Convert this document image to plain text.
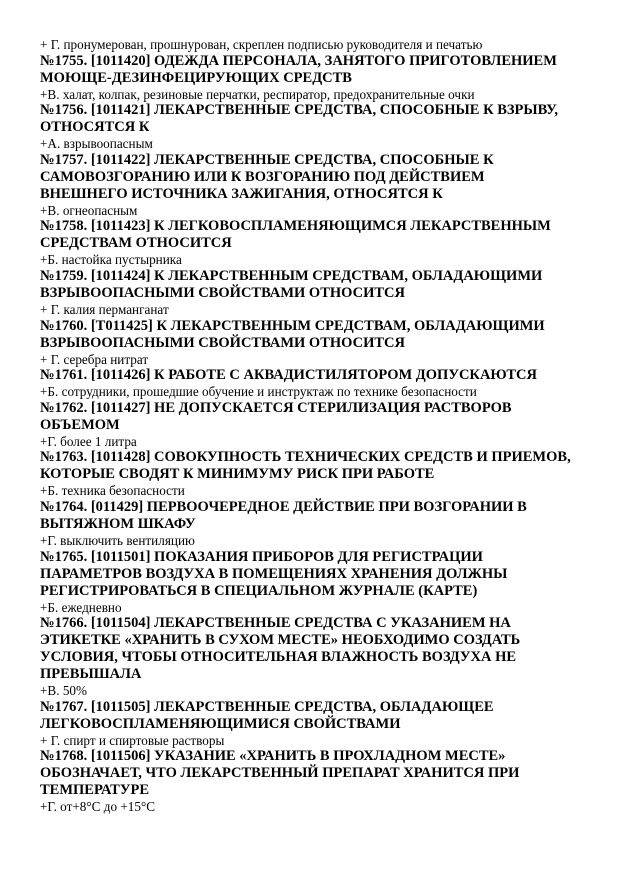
+ Г. пронумерован, прошнурован, скреплен подписью руководителя и печатью
№1755. [1011420] ОДЕЖДА ПЕРСОНАЛА, ЗАНЯТОГО ПРИГОТОВЛЕНИЕМ
МОЮЩЕ-ДЕЗИНФЕЦИРУЮЩИХ СРЕДСТВ
+В. халат, колпак, резиновые перчатки, респиратор, предохранительные очки
№1756. [1011421] ЛЕКАРСТВЕННЫЕ СРЕДСТВА, СПОСОБНЫЕ К ВЗРЫВУ,
ОТНОСЯТСЯ К
+А. взрывоопасным
№1757. [1011422] ЛЕКАРСТВЕННЫЕ СРЕДСТВА, СПОСОБНЫЕ К
САМОВОЗГОРАНИЮ ИЛИ К ВОЗГОРАНИЮ ПОД ДЕЙСТВИЕМ
ВНЕШНЕГО ИСТОЧНИКА ЗАЖИГАНИЯ, ОТНОСЯТСЯ К
+В. огнеопасным
№1758. [1011423] К ЛЕГКОВОСПЛАМЕНЯЮЩИМСЯ ЛЕКАРСТВЕННЫМ
СРЕДСТВАМ ОТНОСИТСЯ
+Б. настойка пустырника
№1759. [1011424] К ЛЕКАРСТВЕННЫМ СРЕДСТВАМ, ОБЛАДАЮЩИМИ
ВЗРЫВООПАСНЫМИ СВОЙСТВАМИ ОТНОСИТСЯ
+ Г. калия перманганат
№1760. [Т011425] К ЛЕКАРСТВЕННЫМ СРЕДСТВАМ, ОБЛАДАЮЩИМИ
ВЗРЫВООПАСНЫМИ СВОЙСТВАМИ ОТНОСИТСЯ
+ Г. серебра нитрат
№1761. [1011426] К РАБОТЕ С АКВАДИСТИЛЯТОРОМ ДОПУСКАЮТСЯ
+Б. сотрудники, прошедшие обучение и инструктаж по технике безопасности
№1762. [1011427] НЕ ДОПУСКАЕТСЯ СТЕРИЛИЗАЦИЯ РАСТВОРОВ
ОБЪЕМОМ
+Г. более 1 литра
№1763. [1011428] СОВОКУПНОСТЬ ТЕХНИЧЕСКИХ СРЕДСТВ И ПРИЕМОВ,
КОТОРЫЕ СВОДЯТ К МИНИМУМУ РИСК ПРИ РАБОТЕ
+Б. техника безопасности
№1764. [011429] ПЕРВООЧЕРЕДНОЕ ДЕЙСТВИЕ ПРИ ВОЗГОРАНИИ В
ВЫТЯЖНОМ ШКАФУ
+Г. выключить вентиляцию
№1765. [1011501] ПОКАЗАНИЯ ПРИБОРОВ ДЛЯ РЕГИСТРАЦИИ
ПАРАМЕТРОВ ВОЗДУХА В ПОМЕЩЕНИЯХ ХРАНЕНИЯ ДОЛЖНЫ
РЕГИСТРИРОВАТЬСЯ В СПЕЦИАЛЬНОМ ЖУРНАЛЕ (КАРТЕ)
+Б. ежедневно
№1766. [1011504] ЛЕКАРСТВЕННЫЕ СРЕДСТВА С УКАЗАНИЕМ НА
ЭТИКЕТКЕ «ХРАНИТЬ В СУХОМ МЕСТЕ» НЕОБХОДИМО СОЗДАТЬ
УСЛОВИЯ, ЧТОБЫ ОТНОСИТЕЛЬНАЯ ВЛАЖНОСТЬ ВОЗДУХА НЕ
ПРЕВЫШАЛА
+В. 50%
№1767. [1011505] ЛЕКАРСТВЕННЫЕ СРЕДСТВА, ОБЛАДАЮЩЕЕ
ЛЕГКОВОСПЛАМЕНЯЮЩИМИСЯ СВОЙСТВАМИ
+ Г. спирт и спиртовые растворы
№1768. [1011506] УКАЗАНИЕ «ХРАНИТЬ В ПРОХЛАДНОМ МЕСТЕ»
ОБОЗНАЧАЕТ, ЧТО ЛЕКАРСТВЕННЫЙ ПРЕПАРАТ ХРАНИТСЯ ПРИ
ТЕМПЕРАТУРЕ
+Г. от+8°С до +15°С
